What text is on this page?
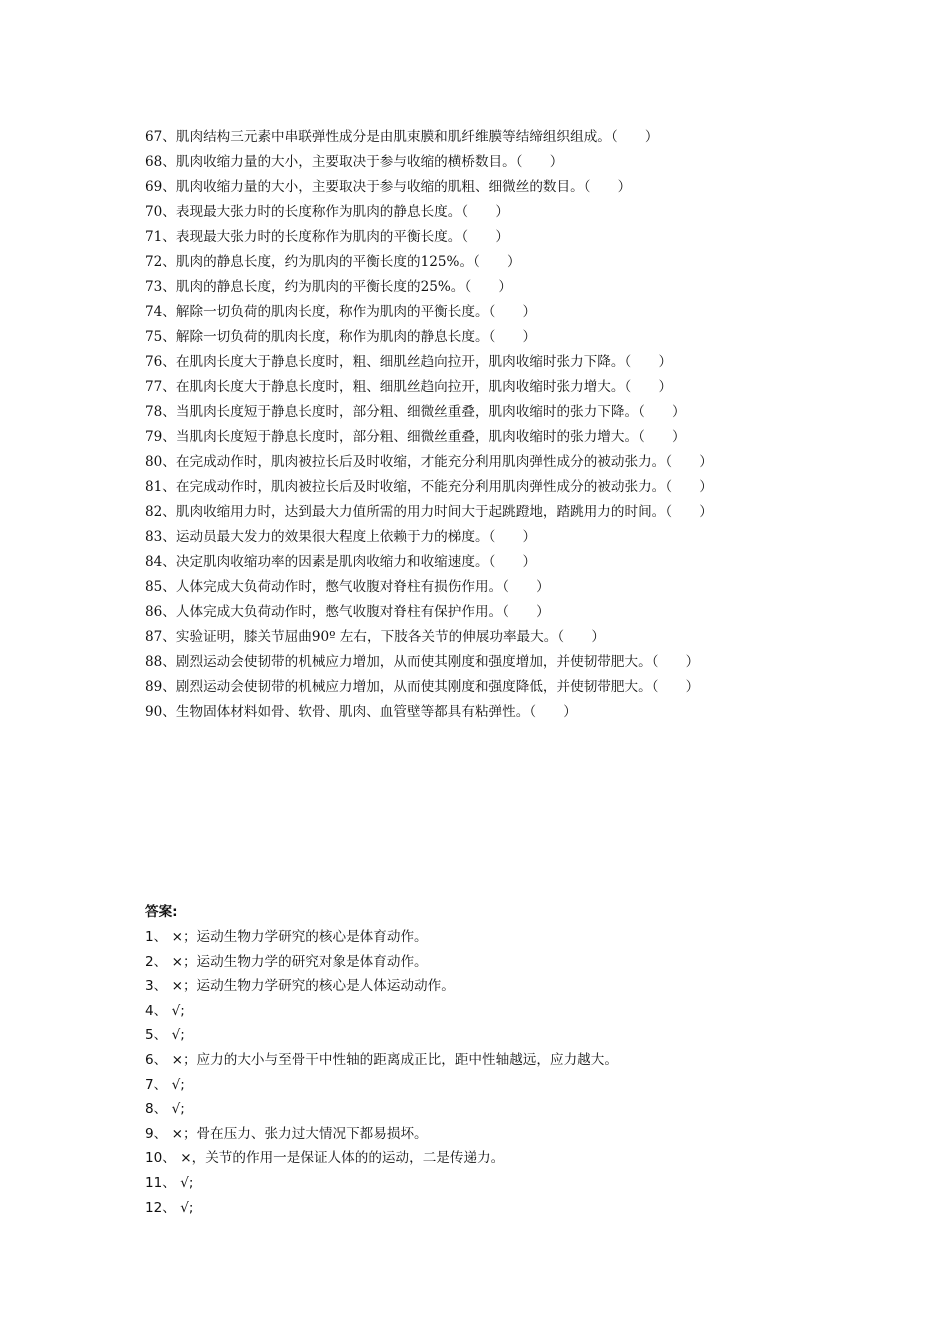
67、肌肉结构三元素中串联弹性成分是由肌束膜和肌纤维膜等结缔组织组成。（　　）
68、肌肉收缩力量的大小，主要取决于参与收缩的横桥数目。（　　）
69、肌肉收缩力量的大小，主要取决于参与收缩的肌粗、细微丝的数目。（　　）
70、表现最大张力时的长度称作为肌肉的静息长度。（　　）
71、表现最大张力时的长度称作为肌肉的平衡长度。（　　）
72、肌肉的静息长度，约为肌肉的平衡长度的125%。（　　）
73、肌肉的静息长度，约为肌肉的平衡长度的25%。（　　）
74、解除一切负荷的肌肉长度，称作为肌肉的平衡长度。（　　）
75、解除一切负荷的肌肉长度，称作为肌肉的静息长度。（　　）
76、在肌肉长度大于静息长度时，粗、细肌丝趋向拉开，肌肉收缩时张力下降。（　　）
77、在肌肉长度大于静息长度时，粗、细肌丝趋向拉开，肌肉收缩时张力增大。（　　）
78、当肌肉长度短于静息长度时，部分粗、细微丝重叠，肌肉收缩时的张力下降。（　　）
79、当肌肉长度短于静息长度时，部分粗、细微丝重叠，肌肉收缩时的张力增大。（　　）
80、在完成动作时，肌肉被拉长后及时收缩，才能充分利用肌肉弹性成分的被动张力。（　　）
81、在完成动作时，肌肉被拉长后及时收缩，不能充分利用肌肉弹性成分的被动张力。（　　）
82、肌肉收缩用力时，达到最大力值所需的用力时间大于起跳蹬地，踏跳用力的时间。（　　）
83、运动员最大发力的效果很大程度上依赖于力的梯度。（　　）
84、决定肌肉收缩功率的因素是肌肉收缩力和收缩速度。（　　）
85、人体完成大负荷动作时，憋气收腹对脊柱有损伤作用。（　　）
86、人体完成大负荷动作时，憋气收腹对脊柱有保护作用。（　　）
87、实验证明，膝关节屈曲90º 左右，下肢各关节的伸展功率最大。（　　）
88、剧烈运动会使韧带的机械应力增加，从而使其刚度和强度增加，并使韧带肥大。（　　）
89、剧烈运动会使韧带的机械应力增加，从而使其刚度和强度降低，并使韧带肥大。（　　）
90、生物固体材料如骨、软骨、肌肉、血管壁等都具有粘弹性。（　　）
答案:
1、 ×；运动生物力学研究的核心是体育动作。
2、 ×；运动生物力学的研究对象是体育动作。
3、 ×；运动生物力学研究的核心是人体运动动作。
4、 √;
5、 √;
6、 ×；应力的大小与至骨干中性轴的距离成正比，距中性轴越远，应力越大。
7、 √;
8、 √;
9、 ×；骨在压力、张力过大情况下都易损坏。
10、 ×，关节的作用一是保证人体的的运动，二是传递力。
11、 √;
12、 √;
